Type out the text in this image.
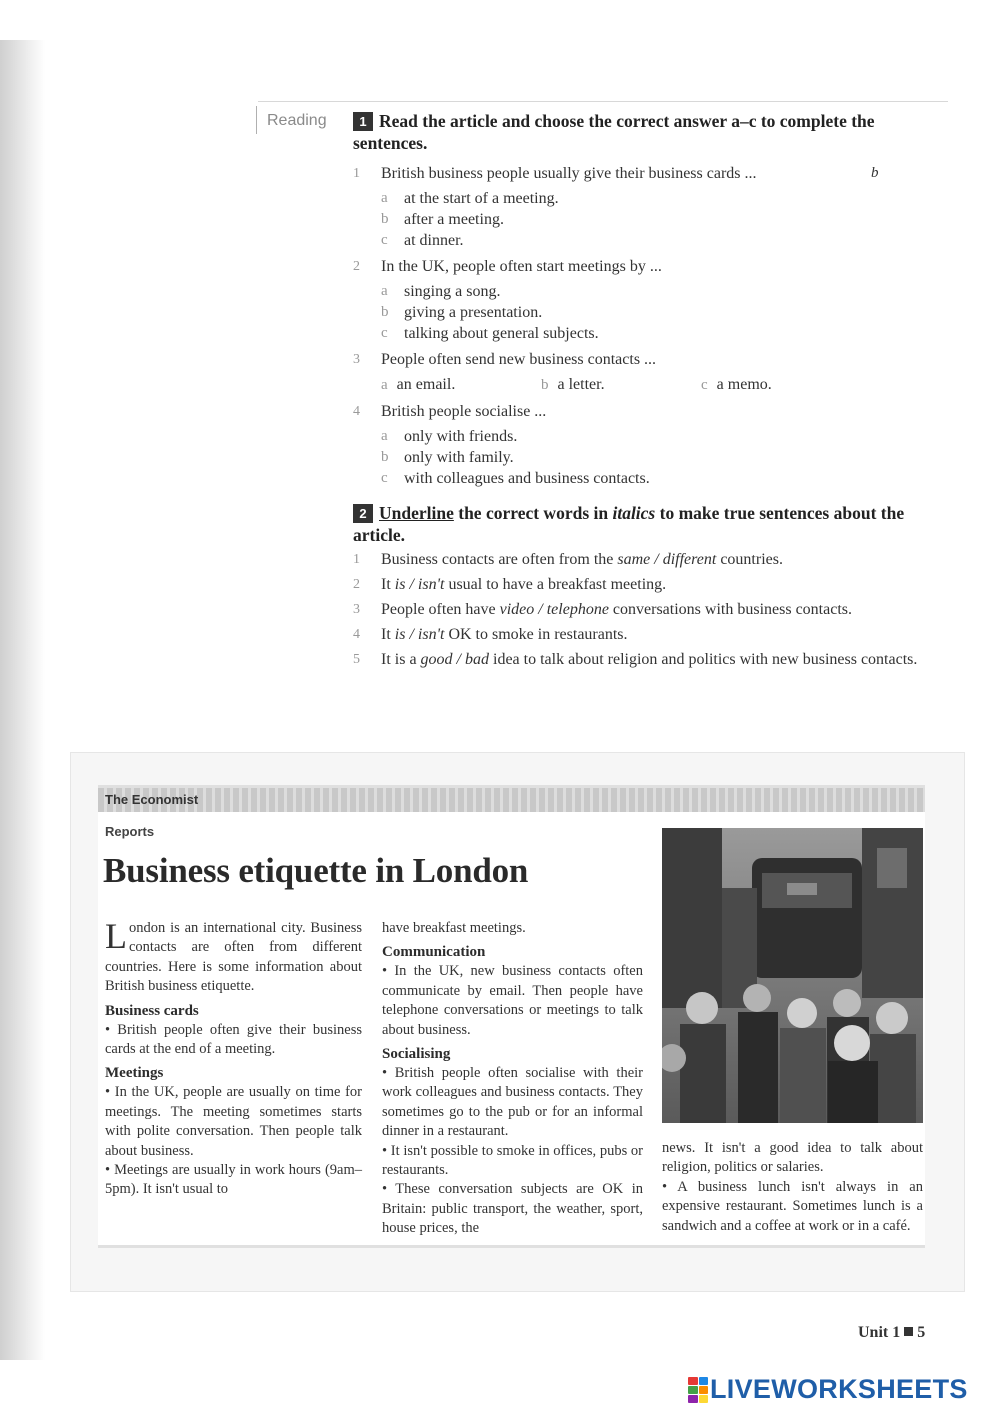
Reading	1 Read the article and choose the correct answer a–c to complete the sentences.
1 British business people usually give their business cards ...	b
a at the start of a meeting.
b after a meeting.
c at dinner.
2 In the UK, people often start meetings by ...
a singing a song.
b giving a presentation.
c talking about general subjects.
3 People often send new business contacts ...
a an email.	b a letter.	c a memo.
4 British people socialise ...
a only with friends.
b only with family.
c with colleagues and business contacts.
2 Underline the correct words in italics to make true sentences about the article.
1 Business contacts are often from the same / different countries.
2 It is / isn't usual to have a breakfast meeting.
3 People often have video / telephone conversations with business contacts.
4 It is / isn't OK to smoke in restaurants.
5 It is a good / bad idea to talk about religion and politics with new business contacts.
The Economist
Reports
Business etiquette in London

London is an international city. Business contacts are often from different countries. Here is some information about British business etiquette.

Business cards

• British people often give their business cards at the end of a meeting.

Meetings

• In the UK, people are usually on time for meetings. The meeting sometimes starts with polite conversation. Then people talk about business.

• Meetings are usually in work hours (9am–5pm). It isn't usual to

have breakfast meetings.

Communication

• In the UK, new business contacts often communicate by email. Then people have telephone conversations or meetings to talk about business.

Socialising

• British people often socialise with their work colleagues and business contacts. They sometimes go to the pub or for an informal dinner in a restaurant.

• It isn't possible to smoke in offices, pubs or restaurants.

• These conversation subjects are OK in Britain: public transport, the weather, sport, house prices, the

news. It isn't a good idea to talk about religion, politics or salaries.

• A business lunch isn't always in an expensive restaurant. Sometimes lunch is a sandwich and a coffee at work or in a café.

Unit 1 5
LIVEWORKSHEETS
